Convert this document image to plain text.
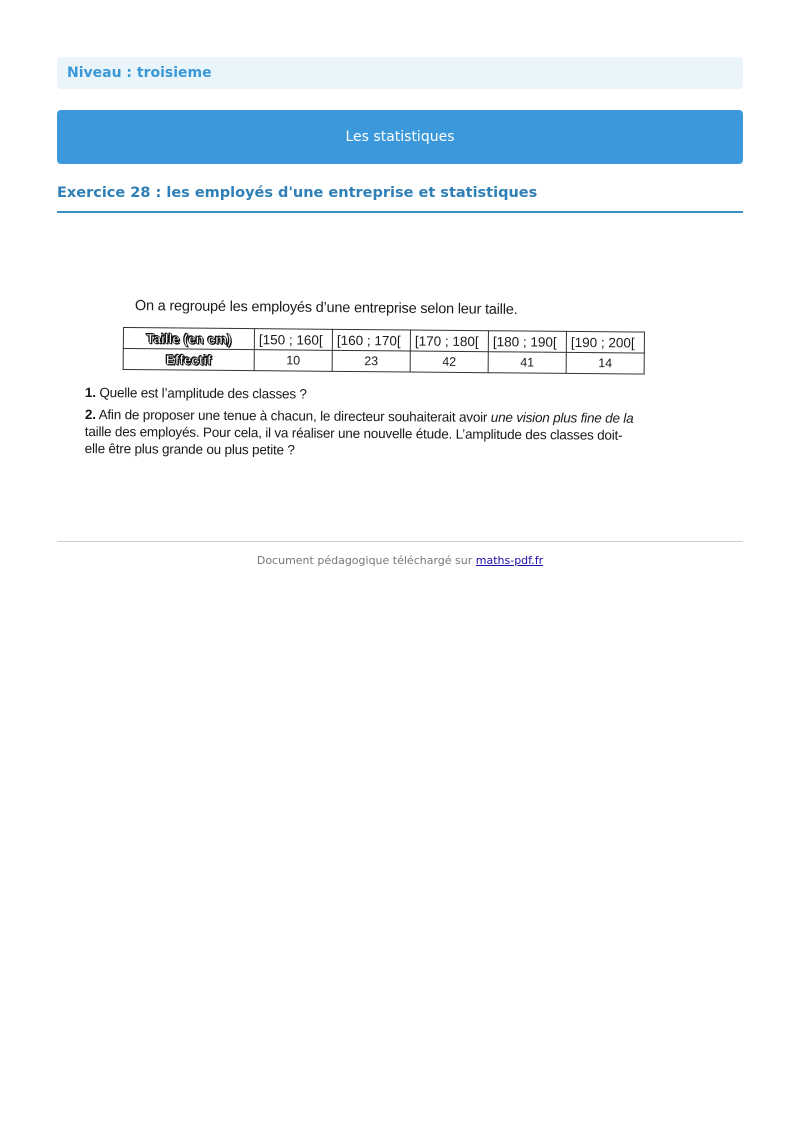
Niveau : troisieme
Les statistiques
Exercice 28 : les employés d'une entreprise et statistiques
On a regroupé les employés d’une entreprise selon leur taille.
Taille (en cm)	[150 ; 160[	[160 ; 170[	[170 ; 180[	[180 ; 190[	[190 ; 200[
Effectif	10	23	42	41	14
1. Quelle est l’amplitude des classes ?
2. Afin de proposer une tenue à chacun, le directeur souhaiterait avoir une vision plus fine de la
taille des employés. Pour cela, il va réaliser une nouvelle étude. L’amplitude des classes doit-
elle être plus grande ou plus petite ?
Document pédagogique téléchargé sur maths-pdf.fr
